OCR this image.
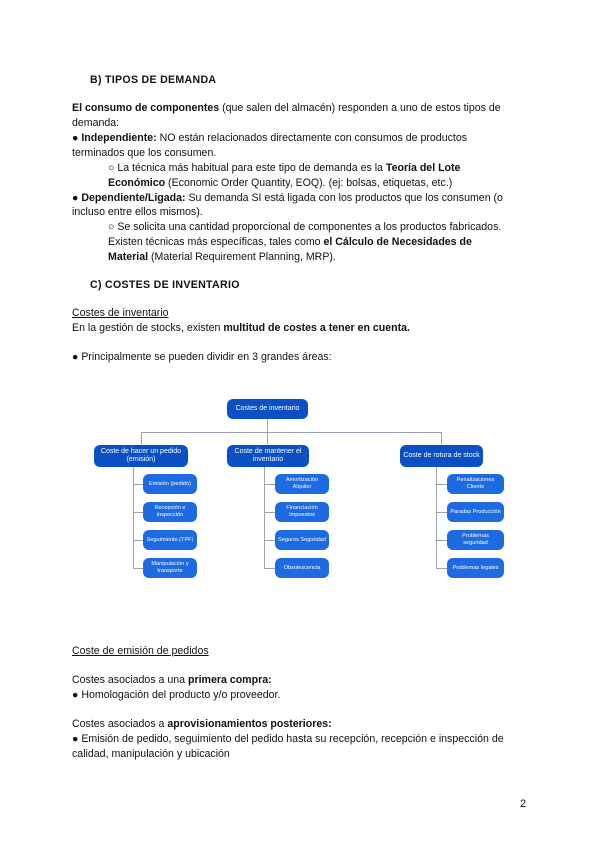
B) TIPOS DE DEMANDA
El consumo de componentes (que salen del almacén) responden a uno de estos tipos de
demanda:
● Independiente: NO están relacionados directamente con consumos de productos
terminados que los consumen.
○ La técnica más habitual para este tipo de demanda es la Teoría del Lote
Económico (Economic Order Quantity, EOQ). (ej: bolsas, etiquetas, etc.)
● Dependiente/Ligada: Su demanda SI está ligada con los productos que los consumen (o
incluso entre ellos mismos).
○ Se solicita una cantidad proporcional de componentes a los productos fabricados.
Existen técnicas más específicas, tales como el Cálculo de Necesidades de
Material (Material Requirement Planning, MRP).
C) COSTES DE INVENTARIO
Costes de inventario
En la gestión de stocks, existen multitud de costes a tener en cuenta.
● Principalmente se pueden dividir en 3 grandes áreas:
Costes de inventario
Coste de hacer un pedido (emisión)
Coste de mantener el inventario
Coste de rotura de stock
Emisión (pedido)
Recepción e inspección
Seguimiento (TPF)
Manipulación y transporte
Amortización Alquiler
Financiación Impuestos
Seguros Seguridad
Obsolescencia
Penalizaciones Cliente
Paradas Producción
Problemas seguridad
Problemas legales
Coste de emisión de pedidos
Costes asociados a una primera compra:
● Homologación del producto y/o proveedor.
Costes asociados a aprovisionamientos posteriores:
● Emisión de pedido, seguimiento del pedido hasta su recepción, recepción e inspección de
calidad, manipulación y ubicación
2
